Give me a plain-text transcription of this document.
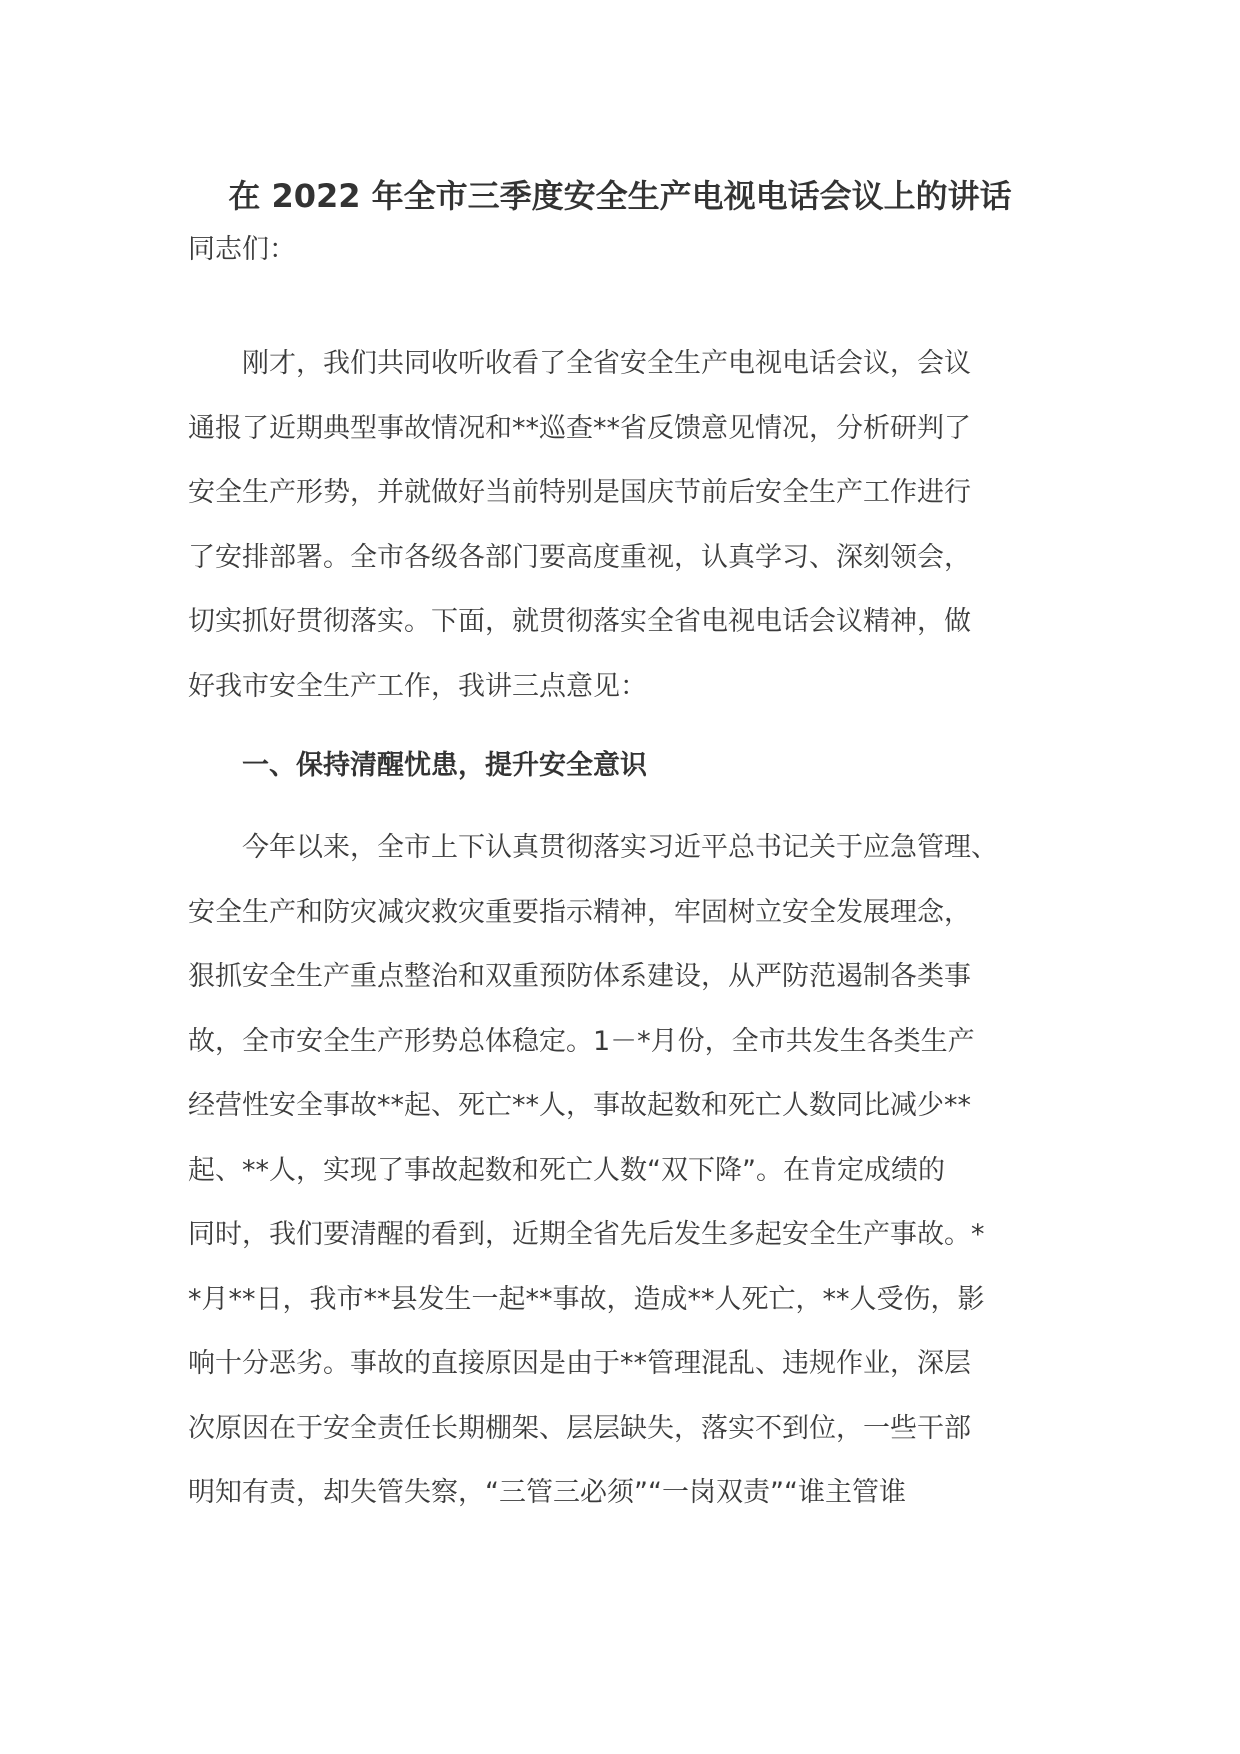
在 2022 年全市三季度安全生产电视电话会议上的讲话
同志们：
刚才，我们共同收听收看了全省安全生产电视电话会议，会议
通报了近期典型事故情况和**巡查**省反馈意见情况，分析研判了
安全生产形势，并就做好当前特别是国庆节前后安全生产工作进行
了安排部署。全市各级各部门要高度重视，认真学习、深刻领会，
切实抓好贯彻落实。下面，就贯彻落实全省电视电话会议精神，做
好我市安全生产工作，我讲三点意见：
一、保持清醒忧患，提升安全意识
今年以来，全市上下认真贯彻落实习近平总书记关于应急管理、
安全生产和防灾减灾救灾重要指示精神，牢固树立安全发展理念，
狠抓安全生产重点整治和双重预防体系建设，从严防范遏制各类事
故，全市安全生产形势总体稳定。1－*月份，全市共发生各类生产
经营性安全事故**起、死亡**人，事故起数和死亡人数同比减少**
起、**人，实现了事故起数和死亡人数“双下降”。在肯定成绩的
同时，我们要清醒的看到，近期全省先后发生多起安全生产事故。*
*月**日，我市**县发生一起**事故，造成**人死亡，**人受伤，影
响十分恶劣。事故的直接原因是由于**管理混乱、违规作业，深层
次原因在于安全责任长期棚架、层层缺失，落实不到位，一些干部
明知有责，却失管失察，“三管三必须”“一岗双责”“谁主管谁
